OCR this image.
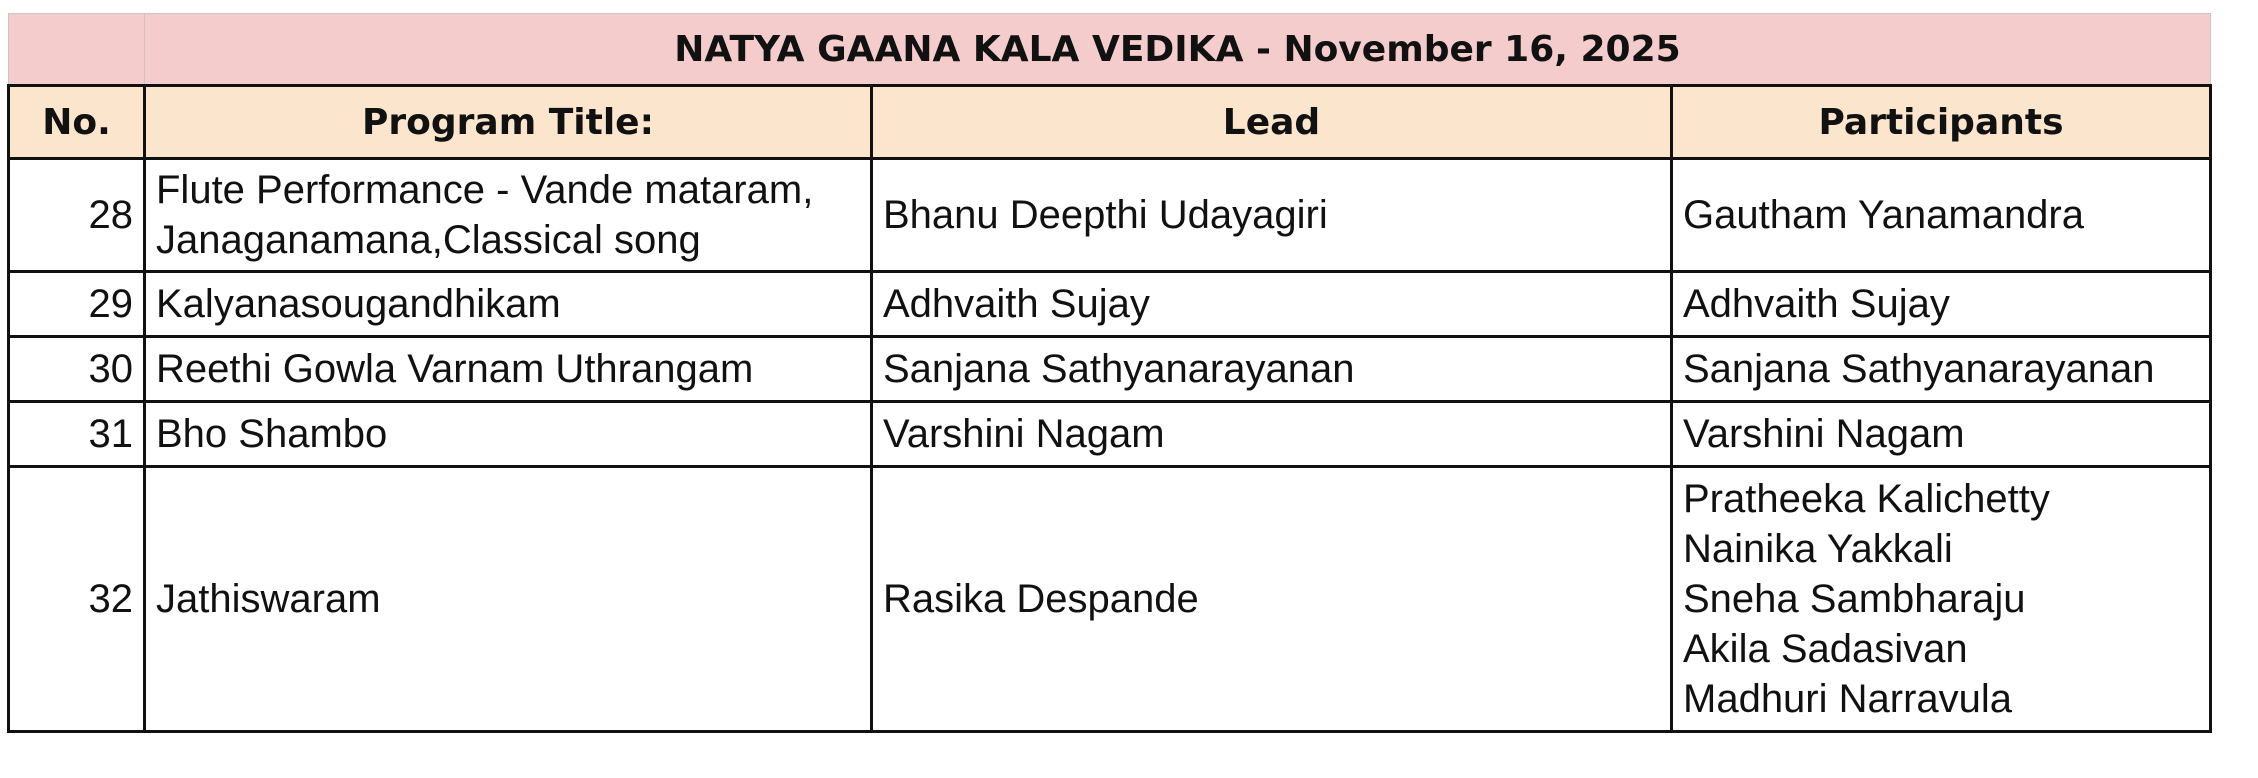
	NATYA GAANA KALA VEDIKA - November 16, 2025		
No.	Program Title:	Lead	Participants
28	Flute Performance - Vande mataram,
Janaganamana,Classical song	Bhanu Deepthi Udayagiri	Gautham Yanamandra

29	Kalyanasougandhikam	Adhvaith Sujay	Adhvaith Sujay

30	Reethi Gowla Varnam Uthrangam	Sanjana Sathyanarayanan	Sanjana Sathyanarayanan

31	Bho Shambo	Varshini Nagam	Varshini Nagam

32	Jathiswaram	Rasika Despande	Pratheeka Kalichetty
Nainika Yakkali
Sneha Sambharaju
Akila Sadasivan
Madhuri Narravula
